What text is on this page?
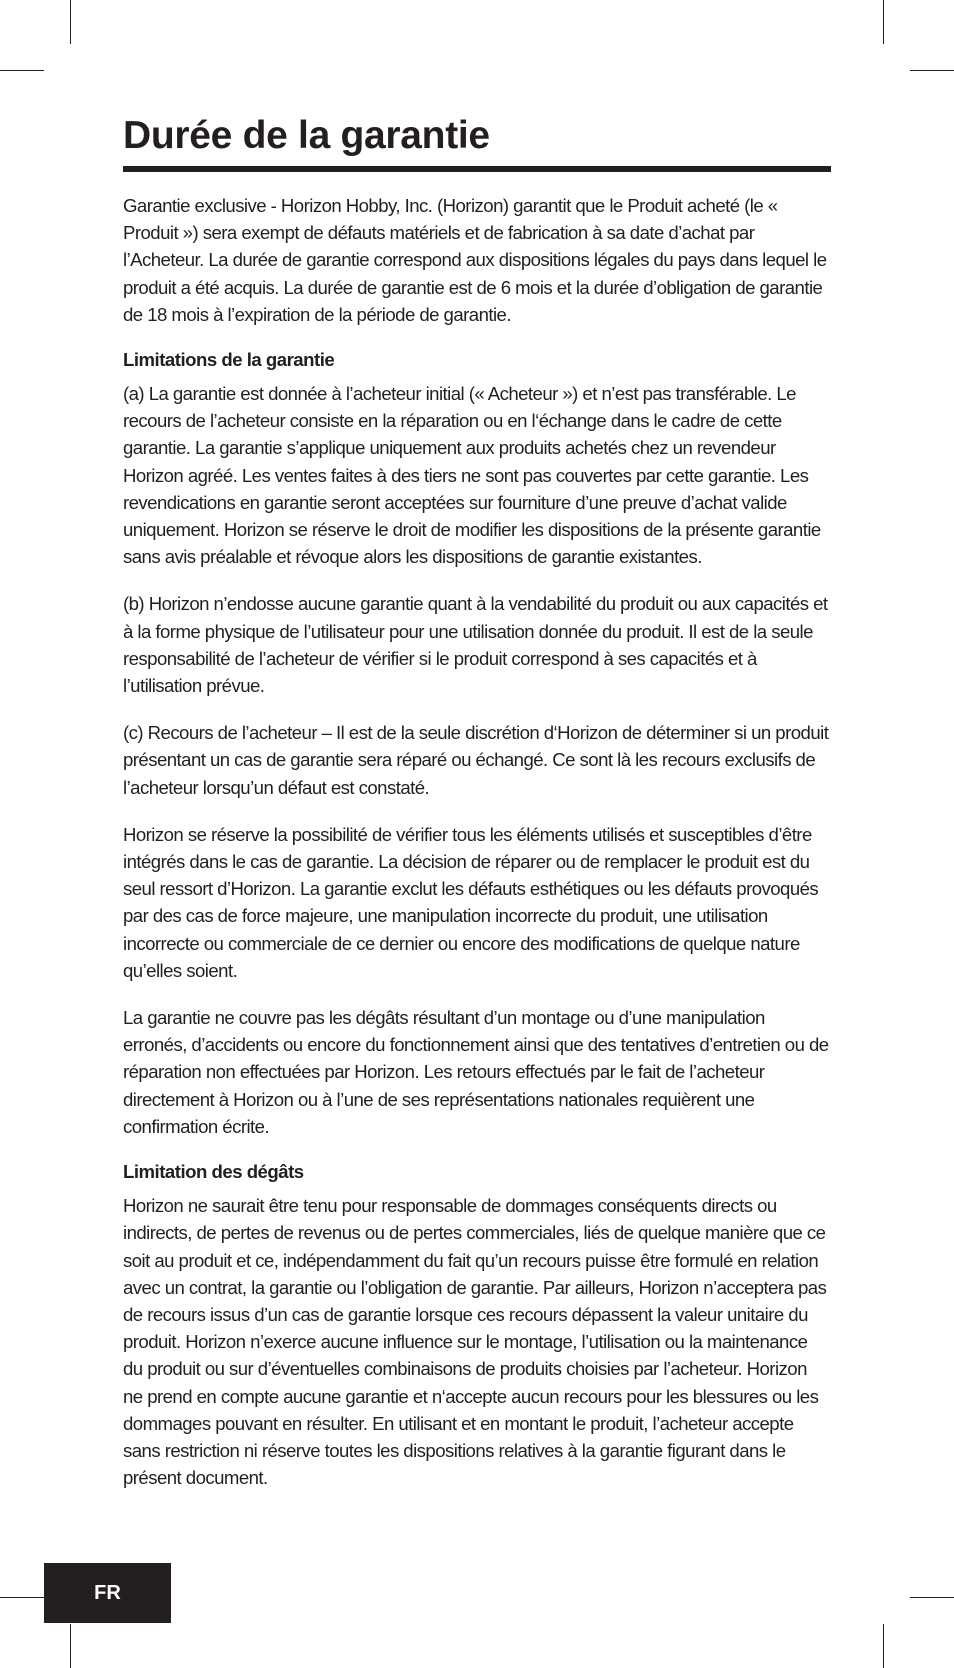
Durée de la garantie

Garantie exclusive - Horizon Hobby, Inc. (Horizon) garantit que le Produit acheté (le « Produit ») sera exempt de défauts matériels et de fabrication à sa date d’achat par l’Acheteur. La durée de garantie correspond aux dispositions légales du pays dans lequel le produit a été acquis. La durée de garantie est de 6 mois et la durée d’obligation de garantie de 18 mois à l’expiration de la période de garantie.

Limitations de la garantie

(a) La garantie est donnée à l’acheteur initial (« Acheteur ») et n’est pas transférable. Le recours de l’acheteur consiste en la réparation ou en l‘échange dans le cadre de cette garantie. La garantie s’applique uniquement aux produits achetés chez un revendeur Horizon agréé. Les ventes faites à des tiers ne sont pas couvertes par cette garantie. Les revendications en garantie seront acceptées sur fourniture d’une preuve d’achat valide uniquement. Horizon se réserve le droit de modifier les dispositions de la présente garantie sans avis préalable et révoque alors les dispositions de garantie existantes.

(b) Horizon n’endosse aucune garantie quant à la vendabilité du produit ou aux capacités et à la forme physique de l’utilisateur pour une utilisation donnée du produit. Il est de la seule responsabilité de l’acheteur de vérifier si le produit correspond à ses capacités et à l’utilisation prévue.

(c) Recours de l’acheteur – Il est de la seule discrétion d‘Horizon de déterminer si un produit présentant un cas de garantie sera réparé ou échangé. Ce sont là les recours exclusifs de l’acheteur lorsqu’un défaut est constaté.

Horizon se réserve la possibilité de vérifier tous les éléments utilisés et susceptibles d’être intégrés dans le cas de garantie. La décision de réparer ou de remplacer le produit est du seul ressort d’Horizon. La garantie exclut les défauts esthétiques ou les défauts provoqués par des cas de force majeure, une manipulation incorrecte du produit, une utilisation incorrecte ou commerciale de ce dernier ou encore des modifications de quelque nature qu’elles soient.

La garantie ne couvre pas les dégâts résultant d’un montage ou d’une manipulation erronés, d’accidents ou encore du fonctionnement ainsi que des tentatives d’entretien ou de réparation non effectuées par Horizon. Les retours effectués par le fait de l’acheteur directement à Horizon ou à l’une de ses représentations nationales requièrent une confirmation écrite.

Limitation des dégâts

Horizon ne saurait être tenu pour responsable de dommages conséquents directs ou indirects, de pertes de revenus ou de pertes commerciales, liés de quelque manière que ce soit au produit et ce, indépendamment du fait qu’un recours puisse être formulé en relation avec un contrat, la garantie ou l’obligation de garantie. Par ailleurs, Horizon n’acceptera pas de recours issus d’un cas de garantie lorsque ces recours dépassent la valeur unitaire du produit. Horizon n’exerce aucune influence sur le montage, l’utilisation ou la maintenance du produit ou sur d’éventuelles combinaisons de produits choisies par l’acheteur. Horizon ne prend en compte aucune garantie et n‘accepte aucun recours pour les blessures ou les dommages pouvant en résulter. En utilisant et en montant le produit, l’acheteur accepte sans restriction ni réserve toutes les dispositions relatives à la garantie figurant dans le présent document.

FR
